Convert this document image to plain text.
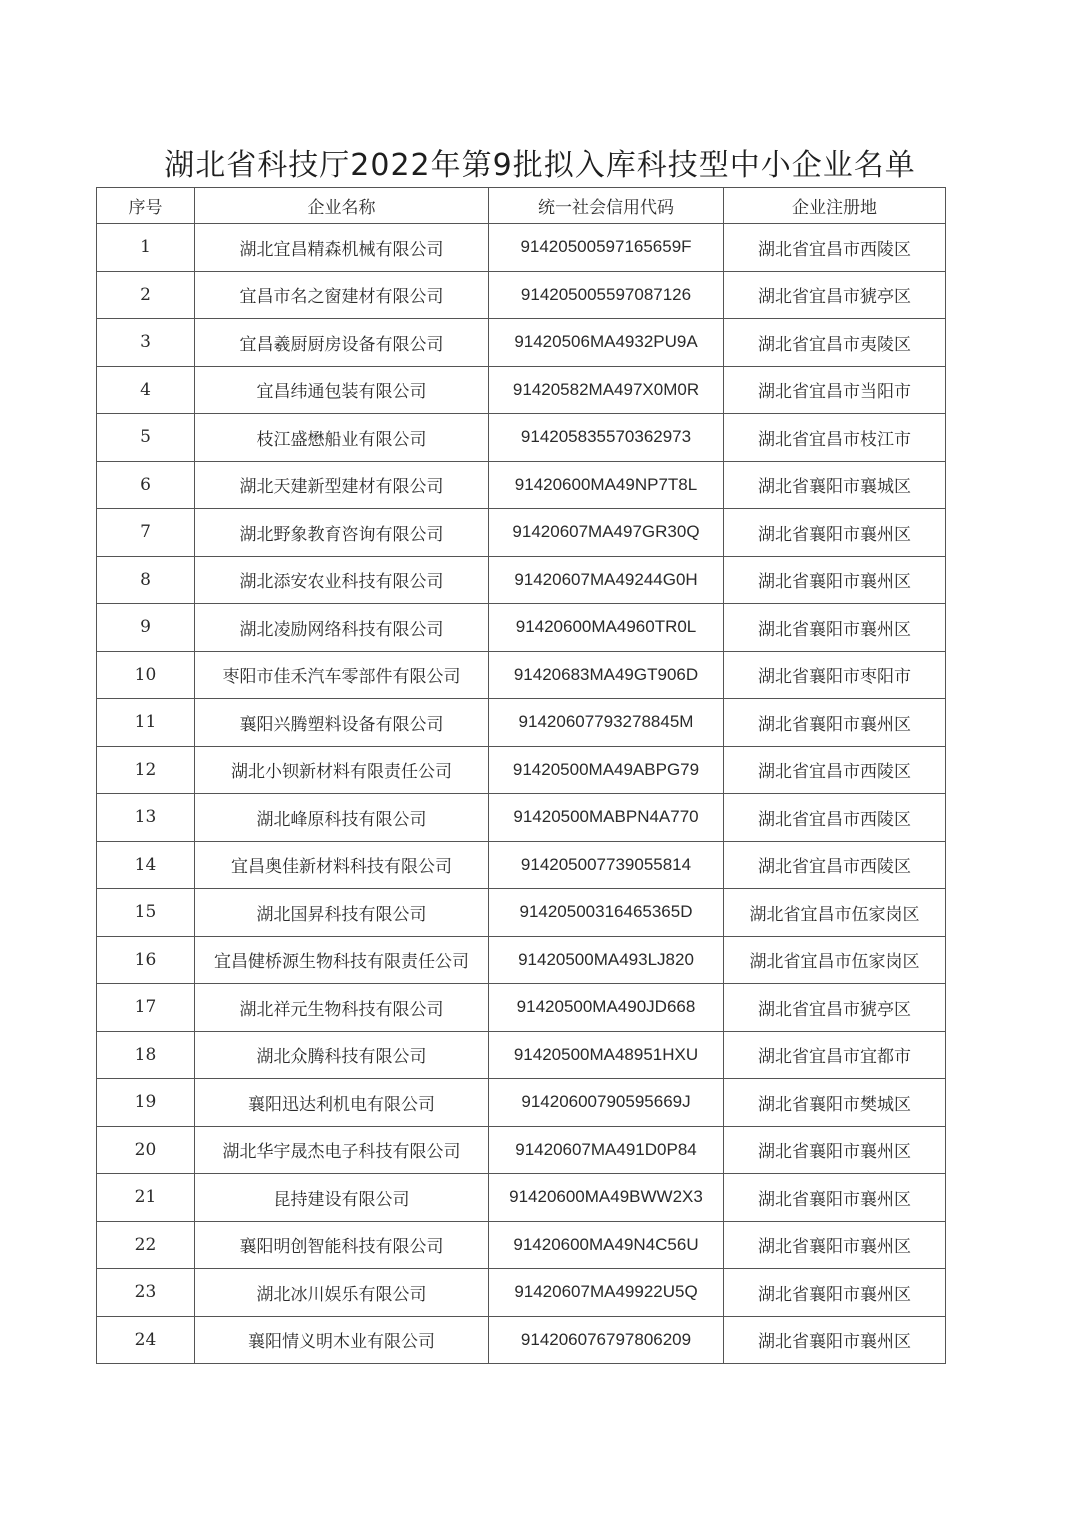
湖北省科技厅2022年第9批拟入库科技型中小企业名单
序号	企业名称	统一社会信用代码	企业注册地
1	湖北宜昌精森机械有限公司	91420500597165659F	湖北省宜昌市西陵区
2	宜昌市名之窗建材有限公司	914205005597087126	湖北省宜昌市猇亭区
3	宜昌羲厨厨房设备有限公司	91420506MA4932PU9A	湖北省宜昌市夷陵区
4	宜昌纬通包装有限公司	91420582MA497X0M0R	湖北省宜昌市当阳市
5	枝江盛懋船业有限公司	914205835570362973	湖北省宜昌市枝江市
6	湖北天建新型建材有限公司	91420600MA49NP7T8L	湖北省襄阳市襄城区
7	湖北野象教育咨询有限公司	91420607MA497GR30Q	湖北省襄阳市襄州区
8	湖北添安农业科技有限公司	91420607MA49244G0H	湖北省襄阳市襄州区
9	湖北凌励网络科技有限公司	91420600MA4960TR0L	湖北省襄阳市襄州区
10	枣阳市佳禾汽车零部件有限公司	91420683MA49GT906D	湖北省襄阳市枣阳市
11	襄阳兴腾塑料设备有限公司	91420607793278845M	湖北省襄阳市襄州区
12	湖北小钡新材料有限责任公司	91420500MA49ABPG79	湖北省宜昌市西陵区
13	湖北峰原科技有限公司	91420500MABPN4A770	湖北省宜昌市西陵区
14	宜昌奥佳新材料科技有限公司	914205007739055814	湖北省宜昌市西陵区
15	湖北国昇科技有限公司	91420500316465365D	湖北省宜昌市伍家岗区
16	宜昌健桥源生物科技有限责任公司	91420500MA493LJ820	湖北省宜昌市伍家岗区
17	湖北祥元生物科技有限公司	91420500MA490JD668	湖北省宜昌市猇亭区
18	湖北众腾科技有限公司	91420500MA48951HXU	湖北省宜昌市宜都市
19	襄阳迅达利机电有限公司	91420600790595669J	湖北省襄阳市樊城区
20	湖北华宇晟杰电子科技有限公司	91420607MA491D0P84	湖北省襄阳市襄州区
21	昆持建设有限公司	91420600MA49BWW2X3	湖北省襄阳市襄州区
22	襄阳明创智能科技有限公司	91420600MA49N4C56U	湖北省襄阳市襄州区
23	湖北冰川娱乐有限公司	91420607MA49922U5Q	湖北省襄阳市襄州区
24	襄阳情义明木业有限公司	914206076797806209	湖北省襄阳市襄州区
